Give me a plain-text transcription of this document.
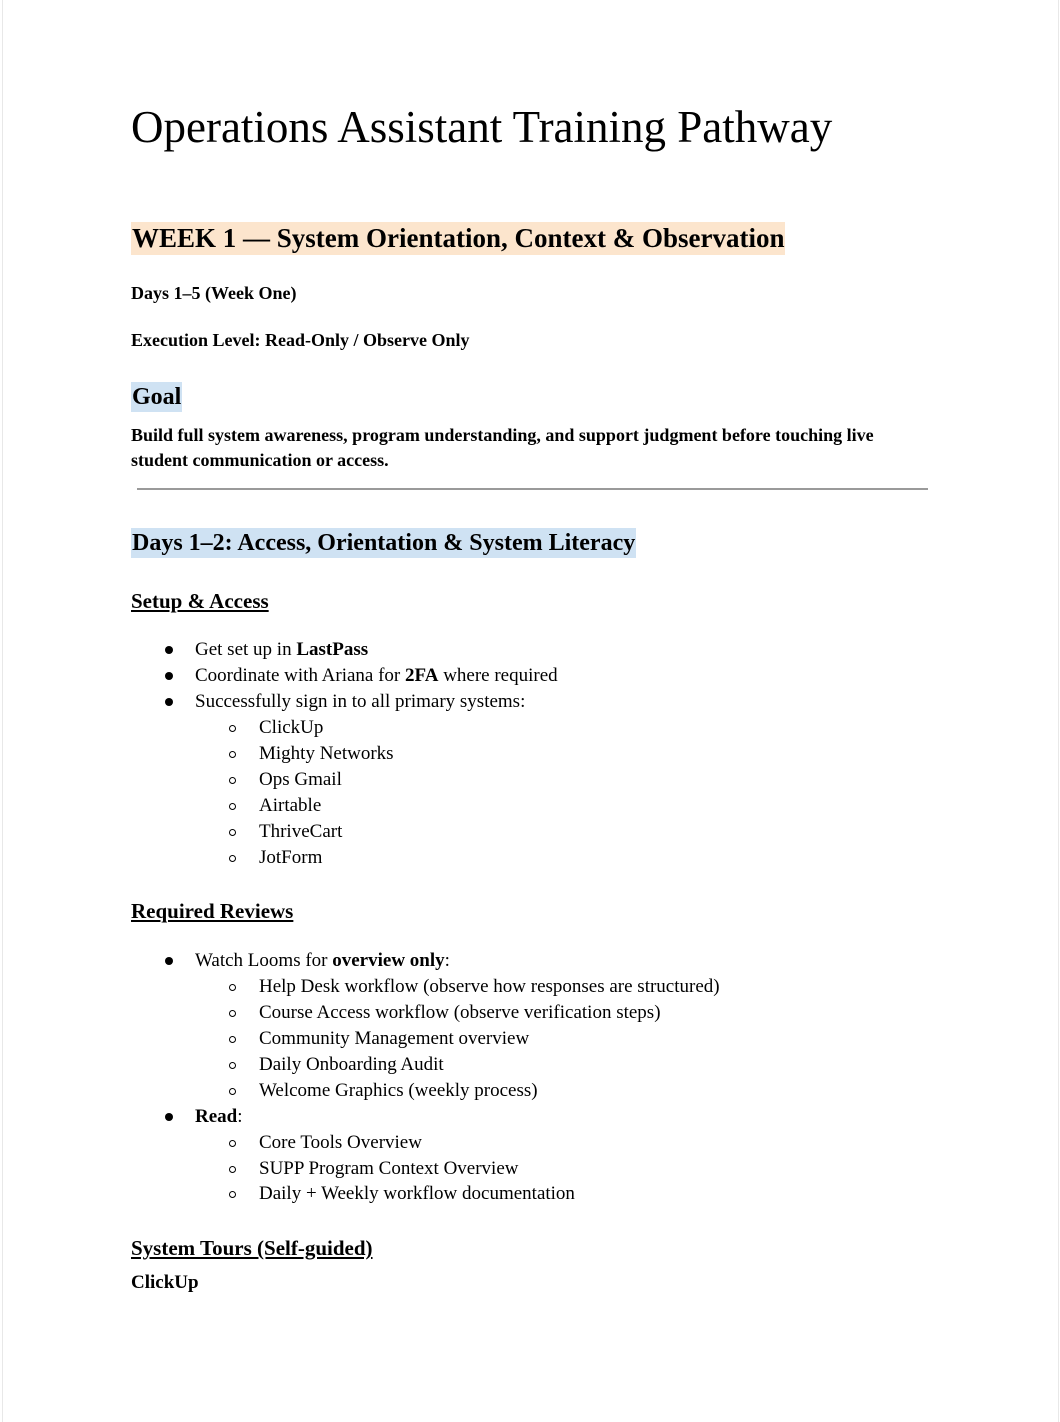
Operations Assistant Training Pathway
WEEK 1 — System Orientation, Context & Observation
Days 1–5 (Week One)
Execution Level: Read-Only / Observe Only
Goal
Build full system awareness, program understanding, and support judgment before touching live student communication or access.
Days 1–2: Access, Orientation & System Literacy
Setup & Access
Get set up in LastPass
Coordinate with Ariana for 2FA where required
Successfully sign in to all primary systems:
ClickUp
Mighty Networks
Ops Gmail
Airtable
ThriveCart
JotForm
Required Reviews
Watch Looms for overview only:
Help Desk workflow (observe how responses are structured)
Course Access workflow (observe verification steps)
Community Management overview
Daily Onboarding Audit
Welcome Graphics (weekly process)
Read:
Core Tools Overview
SUPP Program Context Overview
Daily + Weekly workflow documentation
System Tours (Self-guided)
ClickUp
